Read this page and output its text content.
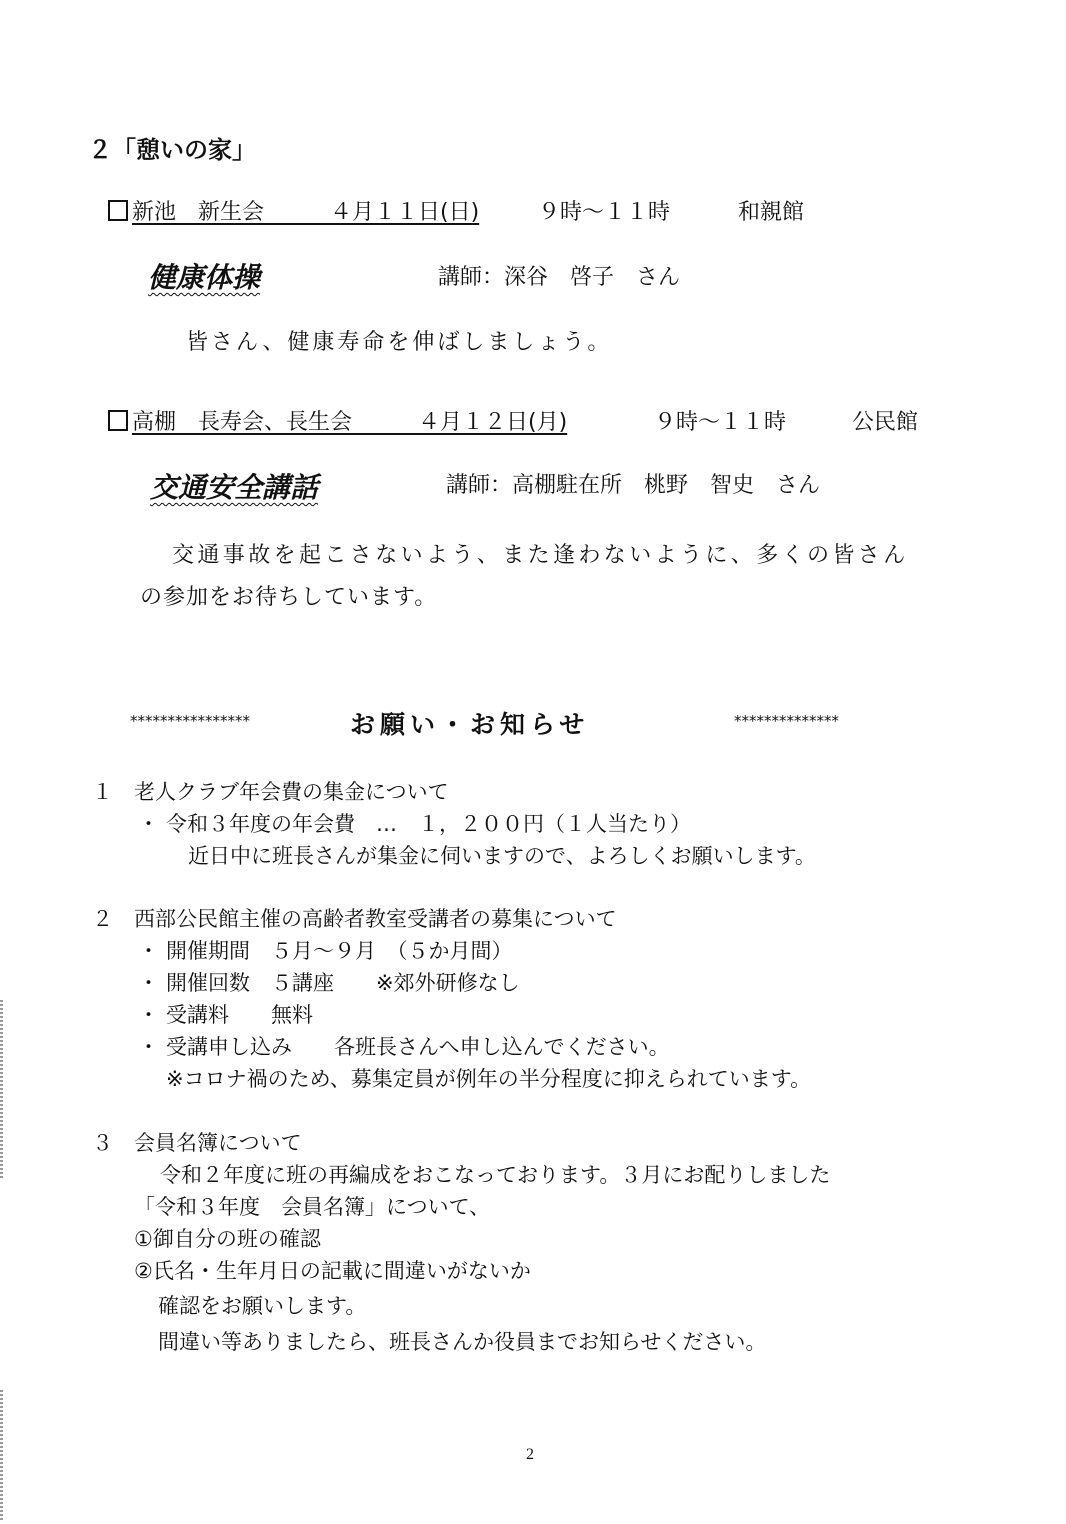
２「憩いの家」
新池　新生会　　　	４月１１日(日)	９時～１１時	和親館
健康体操	講師：深谷　啓子　さん
皆さん、健康寿命を伸ばしましょう。
高棚　長寿会、長生会　　　	４月１２日(月)	９時～１１時	公民館
交通安全講話	講師：高棚駐在所　桃野　智史　さん
交通事故を起こさないよう、また逢わないように、多くの皆さん
の参加をお待ちしています。
****************	お願い・お知らせ	**************
１ 老人クラブ年会費の集金について
・ 令和３年度の年会費　…　１，２００円（１人当たり）
近日中に班長さんが集金に伺いますので、よろしくお願いします。
２ 西部公民館主催の高齢者教室受講者の募集について
・ 開催期間　５月～９月　（５か月間）
・ 開催回数　５講座　　※郊外研修なし
・ 受講料　　無料
・ 受講申し込み　　各班長さんへ申し込んでください。
※コロナ禍のため、募集定員が例年の半分程度に抑えられています。
３ 会員名簿について
令和２年度に班の再編成をおこなっております。３月にお配りしました
「令和３年度　会員名簿」について、
①御自分の班の確認
②氏名・生年月日の記載に間違いがないか
確認をお願いします。
間違い等ありましたら、班長さんか役員までお知らせください。
2
